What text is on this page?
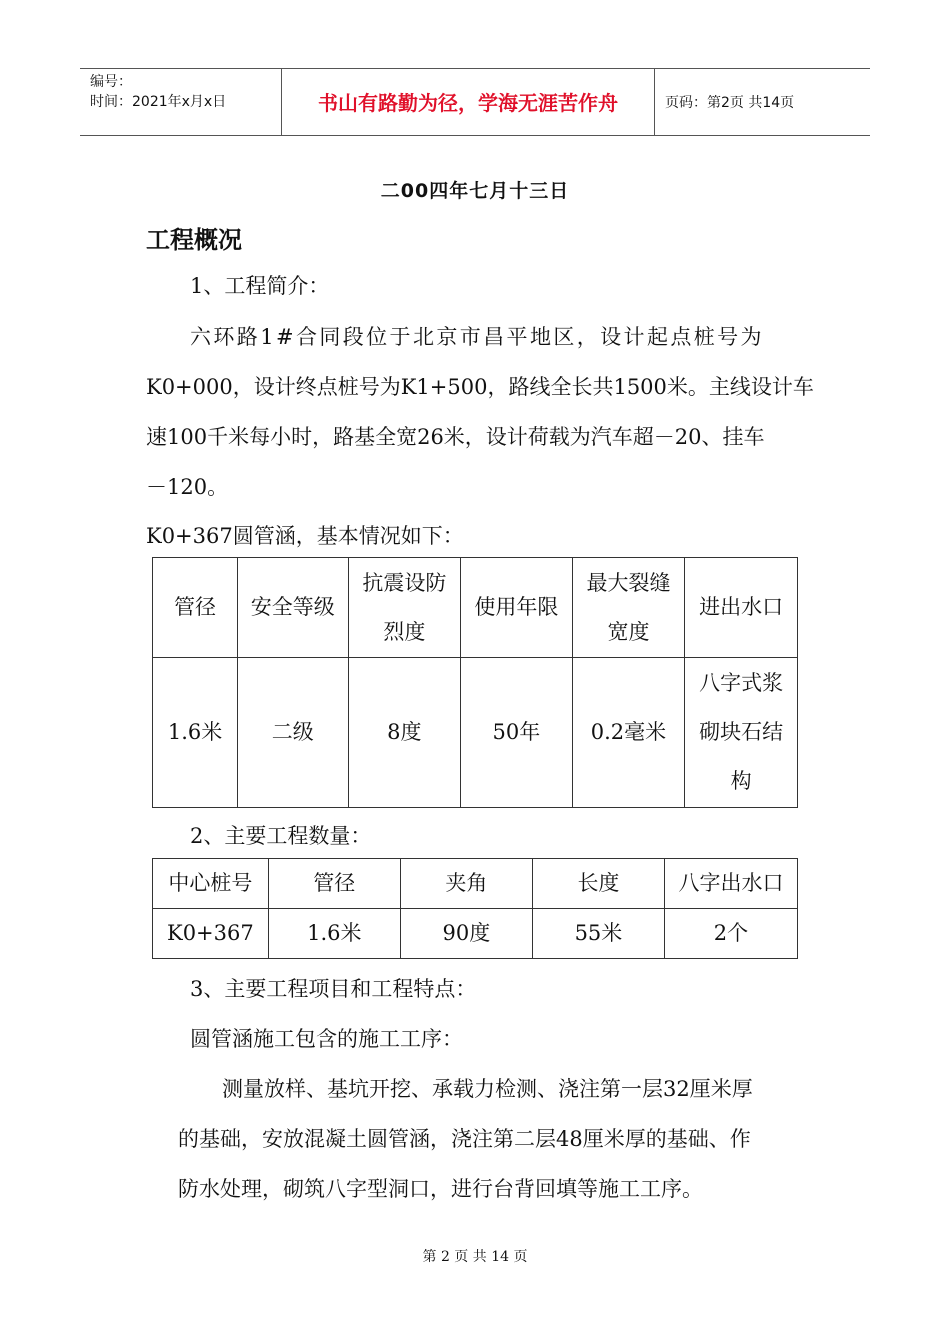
编号：
时间：2021年x月x日	书山有路勤为径，学海无涯苦作舟	页码：第2页 共14页
二00四年七月十三日
工程概况
1、工程简介：
六环路1#合同段位于北京市昌平地区，设计起点桩号为
K0+000，设计终点桩号为K1+500，路线全长共1500米。主线设计车
速100千米每小时，路基全宽26米，设计荷载为汽车超－20、挂车
－120。
K0+367圆管涵，基本情况如下：
管径	安全等级	抗震设防烈度	使用年限	最大裂缝宽度	进出水口
1.6米	二级	8度	50年	0.2毫米	八字式浆砌块石结构
2、主要工程数量：
中心桩号	管径	夹角	长度	八字出水口
K0+367	1.6米	90度	55米	2个
3、主要工程项目和工程特点：
圆管涵施工包含的施工工序：
测量放样、基坑开挖、承载力检测、浇注第一层32厘米厚
的基础，安放混凝土圆管涵，浇注第二层48厘米厚的基础、作
防水处理，砌筑八字型洞口，进行台背回填等施工工序。
第 2 页 共 14 页
